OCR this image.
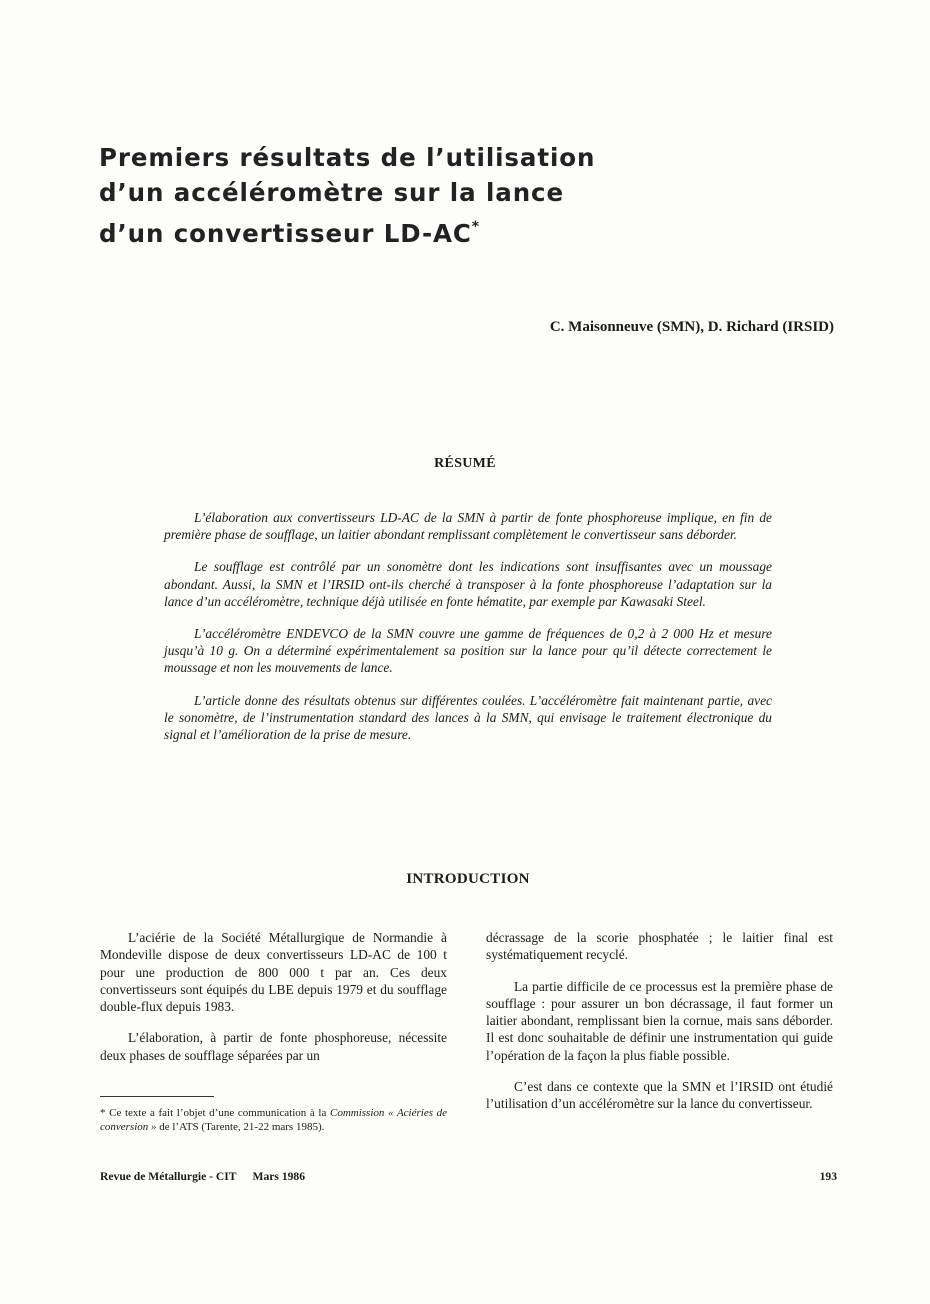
Premiers résultats de l’utilisation
d’un accéléromètre sur la lance
d’un convertisseur LD-AC*
C. Maisonneuve (SMN), D. Richard (IRSID)
RÉSUMÉ

L’élaboration aux convertisseurs LD-AC de la SMN à partir de fonte phosphoreuse implique, en fin de première phase de soufflage, un laitier abondant remplissant complètement le convertisseur sans déborder.

Le soufflage est contrôlé par un sonomètre dont les indications sont insuffisantes avec un moussage abondant. Aussi, la SMN et l’IRSID ont-ils cherché à transposer à la fonte phosphoreuse l’adaptation sur la lance d’un accéléromètre, technique déjà utilisée en fonte hématite, par exemple par Kawasaki Steel.

L’accéléromètre ENDEVCO de la SMN couvre une gamme de fréquences de 0,2 à 2 000 Hz et mesure jusqu’à 10 g. On a déterminé expérimentalement sa position sur la lance pour qu’il détecte correctement le moussage et non les mouvements de lance.

L’article donne des résultats obtenus sur différentes coulées. L’accéléromètre fait maintenant partie, avec le sonomètre, de l’instrumentation standard des lances à la SMN, qui envisage le traitement électronique du signal et l’amélioration de la prise de mesure.

INTRODUCTION

L’aciérie de la Société Métallurgique de Normandie à Mondeville dispose de deux convertisseurs LD-AC de 100 t pour une production de 800 000 t par an. Ces deux convertisseurs sont équipés du LBE depuis 1979 et du soufflage double-flux depuis 1983.

L’élaboration, à partir de fonte phosphoreuse, nécessite deux phases de soufflage séparées par un

décrassage de la scorie phosphatée ; le laitier final est systématiquement recyclé.

La partie difficile de ce processus est la première phase de soufflage : pour assurer un bon décrassage, il faut former un laitier abondant, remplissant bien la cornue, mais sans déborder. Il est donc souhaitable de définir une instrumentation qui guide l’opération de la façon la plus fiable possible.

C’est dans ce contexte que la SMN et l’IRSID ont étudié l’utilisation d’un accéléromètre sur la lance du convertisseur.

* Ce texte a fait l’objet d’une communication à la Commission « Aciéries de conversion » de l’ATS (Tarente, 21-22 mars 1985).
Revue de Métallurgie - CIT Mars 1986	193
